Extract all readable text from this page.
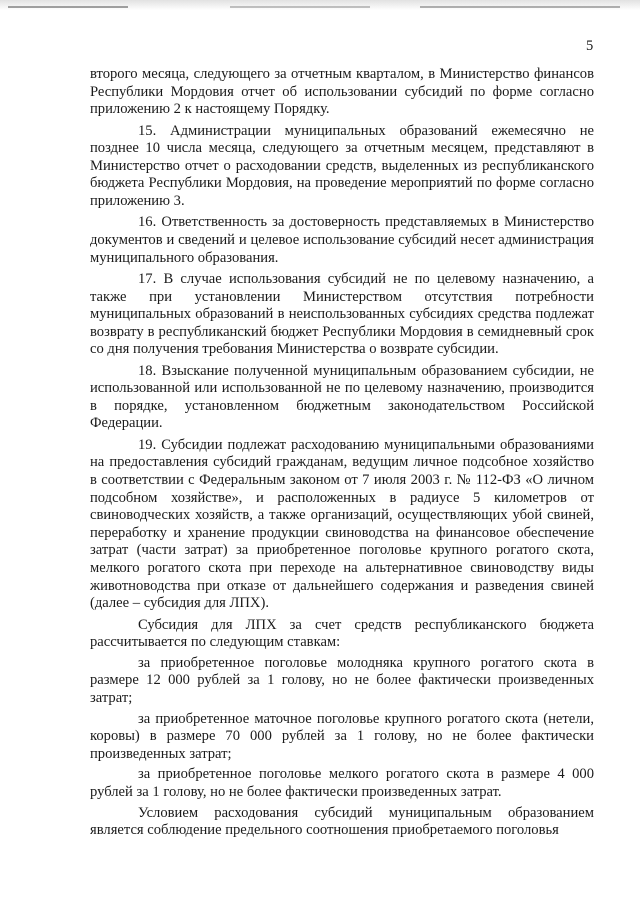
5

второго месяца, следующего за отчетным кварталом, в Министерство финансов Республики Мордовия отчет об использовании субсидий по форме согласно приложению 2 к настоящему Порядку.

15. Администрации муниципальных образований ежемесячно не позднее 10 числа месяца, следующего за отчетным месяцем, представляют в Министерство отчет о расходовании средств, выделенных из республиканского бюджета Республики Мордовия, на проведение мероприятий по форме согласно приложению 3.

16. Ответственность за достоверность представляемых в Министерство документов и сведений и целевое использование субсидий несет администрация муниципального образования.

17. В случае использования субсидий не по целевому назначению, а также при установлении Министерством отсутствия потребности муниципальных образований в неиспользованных субсидиях средства подлежат возврату в республиканский бюджет Республики Мордовия в семидневный срок со дня получения требования Министерства о возврате субсидии.

18. Взыскание полученной муниципальным образованием субсидии, не использованной или использованной не по целевому назначению, производится в порядке, установленном бюджетным законодательством Российской Федерации.

19. Субсидии подлежат расходованию муниципальными образованиями на предоставления субсидий гражданам, ведущим личное подсобное хозяйство в соответствии с Федеральным законом от 7 июля 2003 г. № 112-ФЗ «О личном подсобном хозяйстве», и расположенных в радиусе 5 километров от свиноводческих хозяйств, а также организаций, осуществляющих убой свиней, переработку и хранение продукции свиноводства на финансовое обеспечение затрат (части затрат) за приобретенное поголовье крупного рогатого скота, мелкого рогатого скота при переходе на альтернативное свиноводству виды животноводства при отказе от дальнейшего содержания и разведения свиней (далее – субсидия для ЛПХ).

Субсидия для ЛПХ за счет средств республиканского бюджета рассчитывается по следующим ставкам:

за приобретенное поголовье молодняка крупного рогатого скота в размере 12 000 рублей за 1 голову, но не более фактически произведенных затрат;

за приобретенное маточное поголовье крупного рогатого скота (нетели, коровы) в размере 70 000 рублей за 1 голову, но не более фактически произведенных затрат;

за приобретенное поголовье мелкого рогатого скота в размере 4 000 рублей за 1 голову, но не более фактически произведенных затрат.

Условием расходования субсидий муниципальным образованием является соблюдение предельного соотношения приобретаемого поголовья
